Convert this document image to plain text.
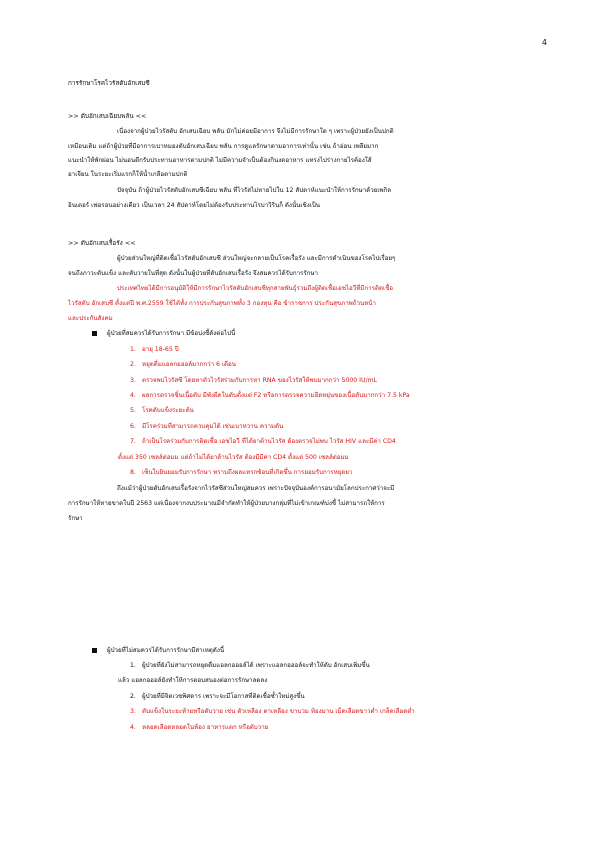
4
การรักษาโรคไวรัสตับอักเสบซี
>> ตับอักเสบเฉียบพลัน <<
เนื่องจากผู้ป่วยไวรัสตับ อักเสบเฉียบ พลัน มักไม่ค่อยมีอาการ จึงไม่มีการรักษาใด ๆ เพราะผู้ป่วยยังเป็นปกติ
เหมือนเดิม แต่ถ้าผู้ป่วยที่มีอาการเบาหมองตับอักเสบเฉียบ พลัน การดูแลรักษาตามอาการเท่านั้น เช่น ถ้าอ่อน เพลียมาก
แนะนำให้พักผ่อน ไม่นอนดึกรับประทานอาหารตามปกติ ไม่มีความจำเป็นต้องกินงดอาหาร แทรงไปร่างกายไรค้องใส้
อาเจียน ในระยะเริ่มแรกก็ให้น้ำเกลือตามปกติ
ปัจจุบัน ถ้าผู้ป่วยไวรัสตับอักเสบซีเฉียบ พลัน ที่ไวรัสไม่หายไปใน 12 สัปดาห์แนะนำให้การรักษาด้วยเพกิล
อินเตอร์ เฟอรอนอย่างเดียว เป็นเวลา 24 สัปดาห์โดยไม่ต้องรับประทานไรบาวิรินก็ ดังนั้นเชิงเป็น
>> ตับอักเสบเรื้อรัง <<
ผู้ป่วยส่วนใหญ่ที่ติดเชื้อไวรัสตับอักเสบซี ส่วนใหญ่จะกลายเป็นโรคเรื้อรัง และมีการดำเนินของโรคไปเรื่อยๆ
จนถึงภาวะตับแข็ง และตับวายในที่สุด ดังนั้นในผู้ป่วยที่ตับอักเสบเรื้อรัง จึงสมควรได้รับการรักษา
ประเทศไทยได้มีการอนุมัติให้มีการรักษาไวรัสตับอักเสบซีทุกสายพันธุ์รวมถึงผู้ติดเชื้อเอชไอวีที่มีการติดเชื้อ
ไวรัสตับ อักเสบซี ตั้งแต่ปี พ.ศ.2559 ใช้ได้ทั้ง การประกันสุขภาพทั้ง 3 กองทุน คือ ข้าราชการ ประกันสุขภาพถ้วนหน้า
และประกันสังคม
ผู้ป่วยที่สมควรได้รับการรักษา มีข้อบ่งชี้ดังต่อไปนี้
1. อายุ 18-65 ปี
2. หยุดดื่มแอลกอฮอล์มากกว่า 6 เดือน
3. ตรวจพบไวรัสซี โดยหาตัวไวรัสร่วมกับการหา RNA ของไวรัสให้พบมากกว่า 5000 IU/mL
4. ผลการตรวจชิ้นเนื้อตับ มีพังผืดในตับตั้งแต่ F2 หรือการตรวจความยืดหยุ่นของเนื้อตับมากกว่า 7.5 kPa
5. โรคตับแข็งระยะต้น
6. มีโรคร่วมที่สามารถควบคุมได้ เช่นเบาหวาน ความดัน
7. ถ้าเป็นโรคร่วมกับการติดเชื้อ เอชไอวี ที่ได้ยาต้านไวรัส ต้องตรวจไม่พบ ไวรัส HIV และมีค่า CD4
ตั้งแต่ 350 เซลล์ต่อมม แต่ถ้าไม่ได้ยาต้านไวรัส ต้องมีมีค่า CD4 ตั้งแต่ 500 เซลล์ต่อมม
8. เซ็นใบยินยอมรับการรักษา ทราบถึงผลแทรกซ้อนที่เกิดขึ้น การยอมรับการหยุดยา
ถึงแม้ว่าผู้ป่วยตับอักเสบเรื้อรังจากไวรัสซีส่วนใหญ่สมควร เพราะปัจจุบันองค์การอนามัยโลกประกาศว่าจะมี
การรักษาให้หายขาดในปี 2563 แต่เนื่องจากงบประมาณมีจำกัดทำให้ผู้ป่วยบางกลุ่มที่ไม่เข้าเกณฑ์บ่งชี้ ไม่สามารถให้การ
รักษา
ผู้ป่วยที่ไม่สมควรได้รับการรักษามีสาเหตุดังนี้
1. ผู้ป่วยที่ยังไม่สามารถหยุดดื่มแอลกอฮอล์ได้ เพราะแอลกอฮอล์จะทำให้ตับ อักเสบเพิ่มขึ้น
แล้ว แอลกอฮอล์ยังทำให้การตอบสนองต่อการรักษาลดลง
2. ผู้ป่วยที่มีจิตเวชพิศดาร เพราะจะมีโอกาสที่ติดเชื้อซ้ำใหม่สูงขึ้น
3. ตับแข็งในระยะท้ายหรือตับวาย เช่น ตัวเหลือง ตาเหลือง ขาบวม ท้องมาน เม็ดเลือดขาวต่ำ เกล็ดเลือดต่ำ
4. หลอดเลือดหลอดในท้อง อาหารแตก หรือตับวาย
